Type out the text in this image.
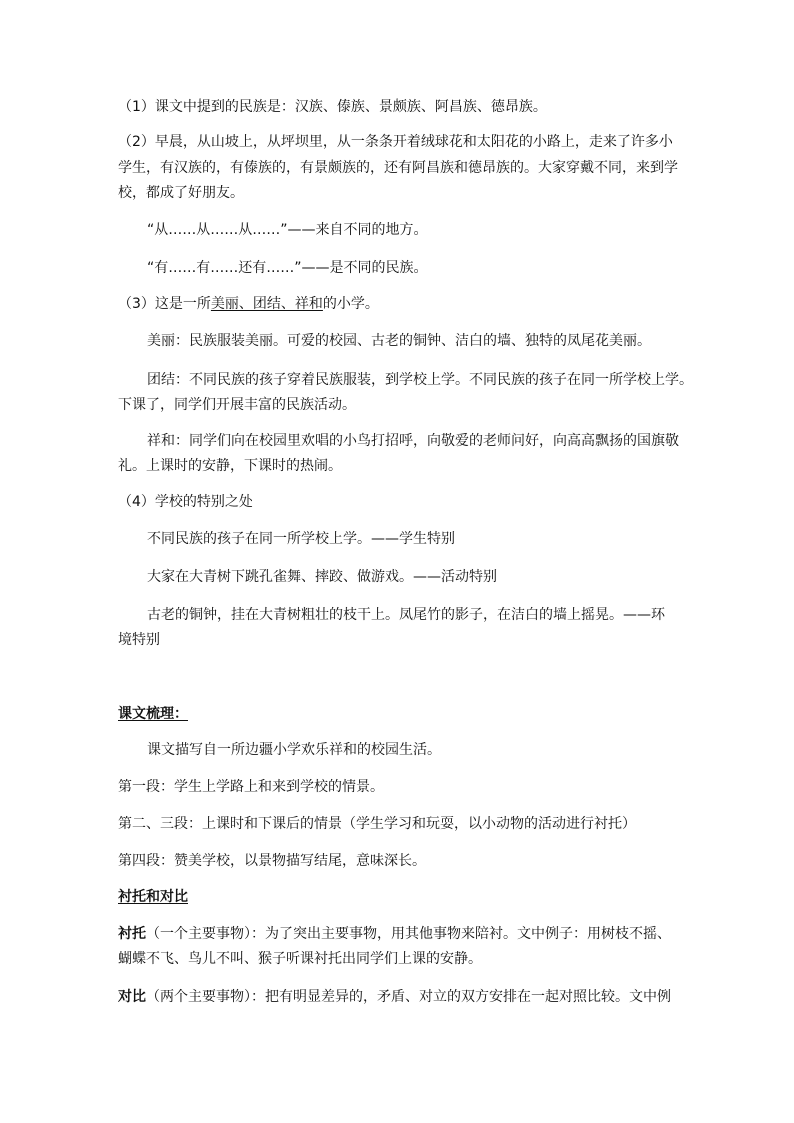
（1）课文中提到的民族是：汉族、傣族、景颇族、阿昌族、德昂族。
（2）早晨，从山坡上，从坪坝里，从一条条开着绒球花和太阳花的小路上，走来了许多小
学生，有汉族的，有傣族的，有景颇族的，还有阿昌族和德昂族的。大家穿戴不同，来到学
校，都成了好朋友。
“从……从……从……”——来自不同的地方。
“有……有……还有……”——是不同的民族。
（3）这是一所美丽、团结、祥和的小学。
美丽：民族服装美丽。可爱的校园、古老的铜钟、洁白的墙、独特的凤尾花美丽。
团结：不同民族的孩子穿着民族服装，到学校上学。不同民族的孩子在同一所学校上学。
下课了，同学们开展丰富的民族活动。
祥和：同学们向在校园里欢唱的小鸟打招呼，向敬爱的老师问好，向高高飘扬的国旗敬
礼。上课时的安静，下课时的热闹。
（4）学校的特别之处
不同民族的孩子在同一所学校上学。——学生特别
大家在大青树下跳孔雀舞、摔跤、做游戏。——活动特别
古老的铜钟，挂在大青树粗壮的枝干上。凤尾竹的影子，在洁白的墙上摇晃。——环
境特别
课文梳理：
课文描写自一所边疆小学欢乐祥和的校园生活。
第一段：学生上学路上和来到学校的情景。
第二、三段：上课时和下课后的情景（学生学习和玩耍，以小动物的活动进行衬托）
第四段：赞美学校，以景物描写结尾，意味深长。
衬托和对比
衬托（一个主要事物）：为了突出主要事物，用其他事物来陪衬。文中例子：用树枝不摇、
蝴蝶不飞、鸟儿不叫、猴子听课衬托出同学们上课的安静。
对比（两个主要事物）：把有明显差异的，矛盾、对立的双方安排在一起对照比较。文中例
